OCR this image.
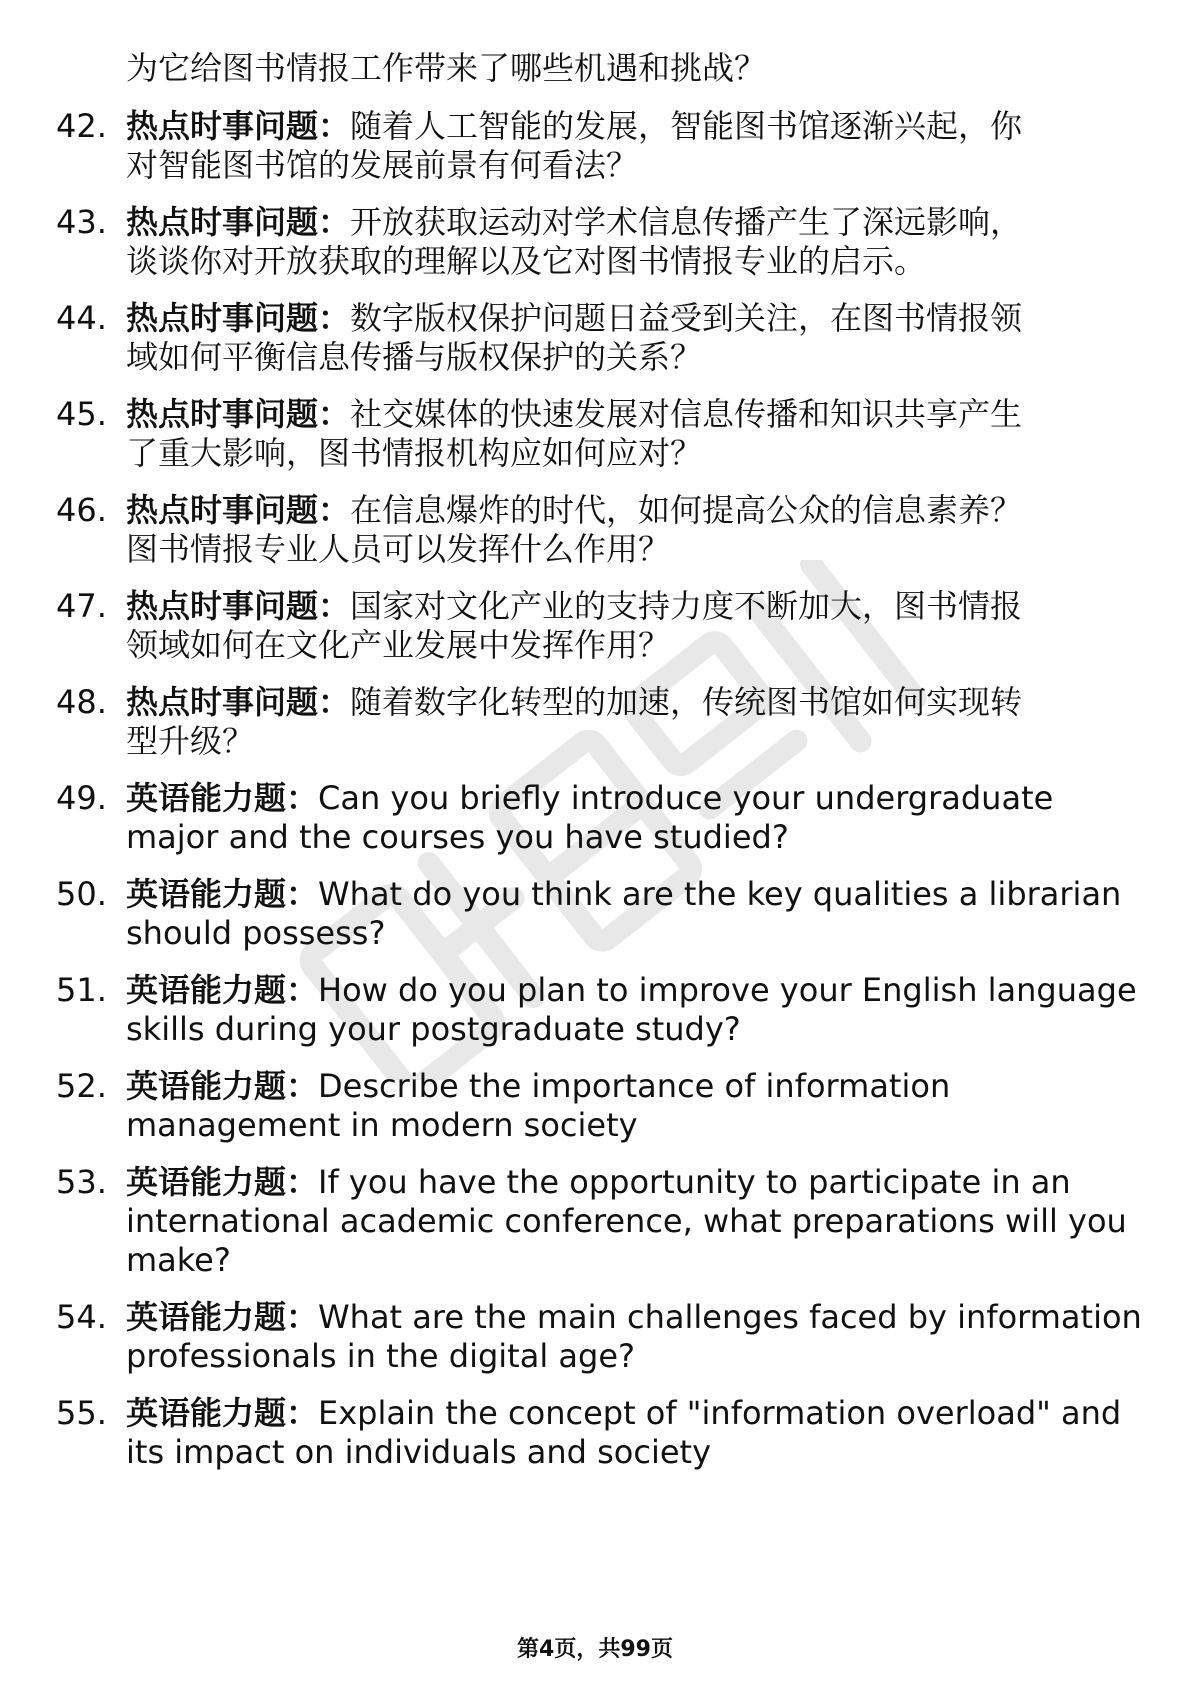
为它给图书情报工作带来了哪些机遇和挑战？
42. 热点时事问题：随着人工智能的发展，智能图书馆逐渐兴起，你
对智能图书馆的发展前景有何看法？
43. 热点时事问题：开放获取运动对学术信息传播产生了深远影响，
谈谈你对开放获取的理解以及它对图书情报专业的启示。
44. 热点时事问题：数字版权保护问题日益受到关注，在图书情报领
域如何平衡信息传播与版权保护的关系？
45. 热点时事问题：社交媒体的快速发展对信息传播和知识共享产生
了重大影响，图书情报机构应如何应对？
46. 热点时事问题：在信息爆炸的时代，如何提高公众的信息素养？
图书情报专业人员可以发挥什么作用？
47. 热点时事问题：国家对文化产业的支持力度不断加大，图书情报
领域如何在文化产业发展中发挥作用？
48. 热点时事问题：随着数字化转型的加速，传统图书馆如何实现转
型升级？
49. 英语能力题：Can you briefly introduce your undergraduate
major and the courses you have studied?
50. 英语能力题：What do you think are the key qualities a librarian
should possess?
51. 英语能力题：How do you plan to improve your English language
skills during your postgraduate study?
52. 英语能力题：Describe the importance of information
management in modern society
53. 英语能力题：If you have the opportunity to participate in an
international academic conference, what preparations will you
make?
54. 英语能力题：What are the main challenges faced by information
professionals in the digital age?
55. 英语能力题：Explain the concept of "information overload" and
its impact on individuals and society
第4页，共99页
